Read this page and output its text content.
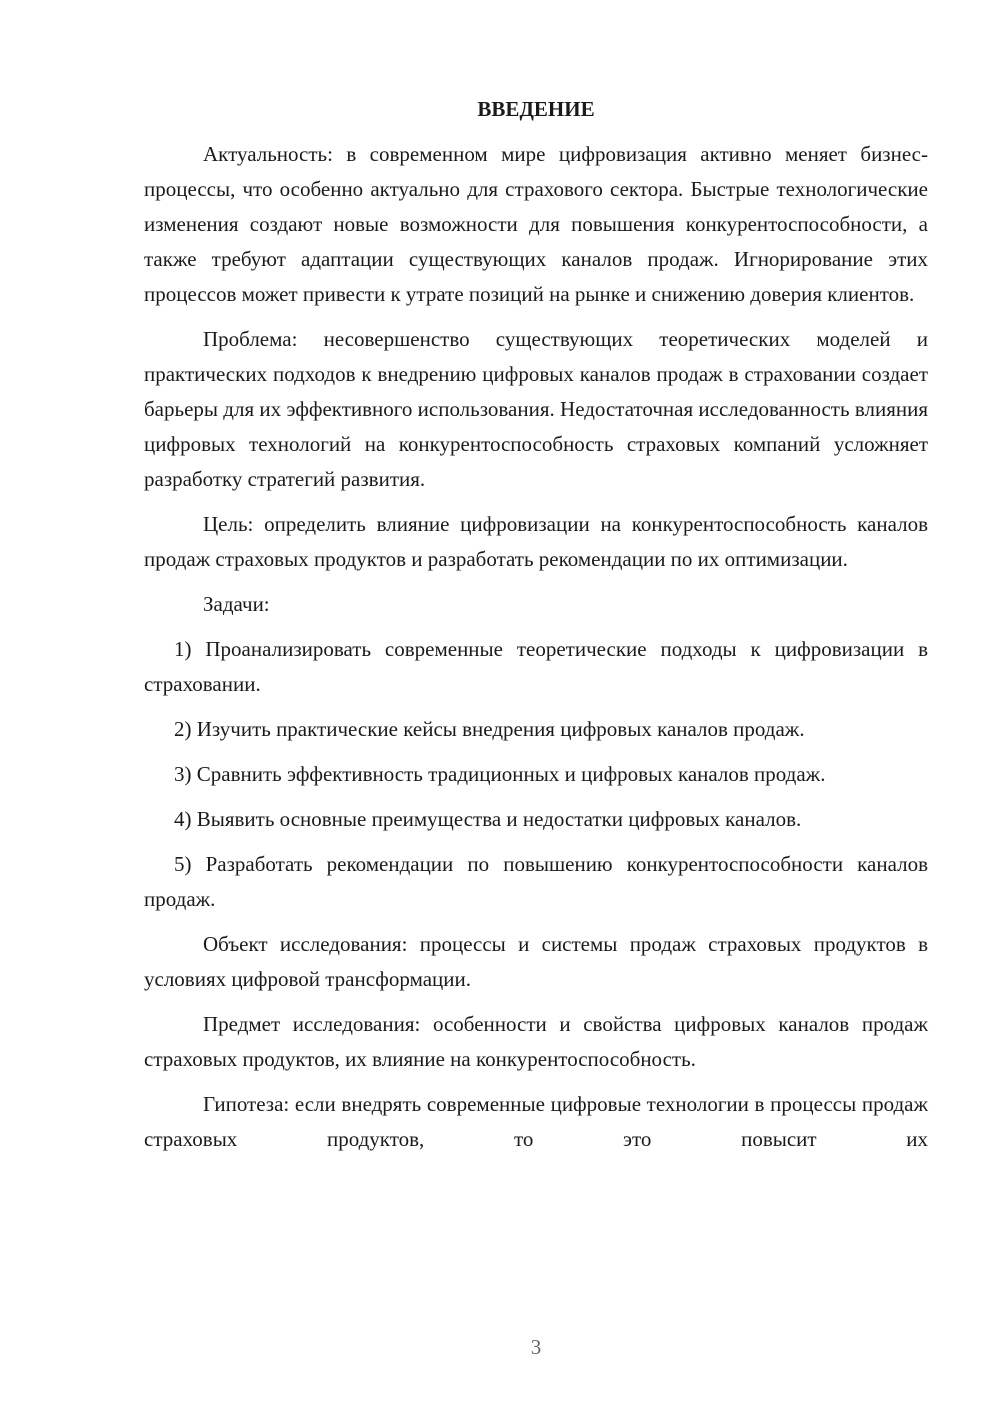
ВВЕДЕНИЕ

Актуальность: в современном мире цифровизация активно меняет бизнес-процессы, что особенно актуально для страхового сектора. Быстрые технологические изменения создают новые возможности для повышения конкурентоспособности, а также требуют адаптации существующих каналов продаж. Игнорирование этих процессов может привести к утрате позиций на рынке и снижению доверия клиентов.

Проблема: несовершенство существующих теоретических моделей и практических подходов к внедрению цифровых каналов продаж в страховании создает барьеры для их эффективного использования. Недостаточная исследованность влияния цифровых технологий на конкурентоспособность страховых компаний усложняет разработку стратегий развития.

Цель: определить влияние цифровизации на конкурентоспособность каналов продаж страховых продуктов и разработать рекомендации по их оптимизации.

Задачи:

1) Проанализировать современные теоретические подходы к цифровизации в страховании.

2) Изучить практические кейсы внедрения цифровых каналов продаж.

3) Сравнить эффективность традиционных и цифровых каналов продаж.

4) Выявить основные преимущества и недостатки цифровых каналов.

5) Разработать рекомендации по повышению конкурентоспособности каналов продаж.

Объект исследования: процессы и системы продаж страховых продуктов в условиях цифровой трансформации.

Предмет исследования: особенности и свойства цифровых каналов продаж страховых продуктов, их влияние на конкурентоспособность.

Гипотеза: если внедрять современные цифровые технологии в процессы продаж страховых продуктов, то это повысит их

3
